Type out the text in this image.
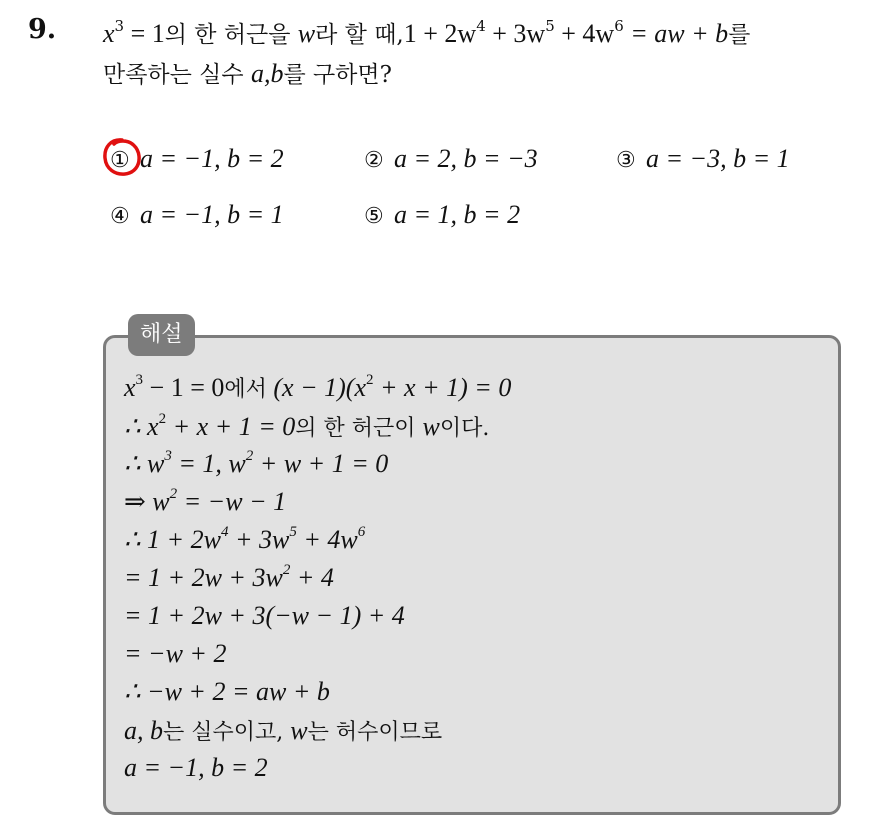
9. $x^3 = 1$의 한 허근을 w라 할 때$,1 + 2w^4 + 3w^5 + 4w^6$ = aw + b를
만족하는 실수 a,b를 구하면?
① a = −1, b = 2	② a = 2, b = −3	③ a = −3, b = 1
④ a = −1, b = 1	⑤ a = 1, b = 2
해설
$x^3 - 1 = 0$에서 $(x - 1)(x^2 + x + 1) = 0$
∴ $x^2 + x + 1 = 0$의 한 허근이 w이다.
∴ $w^3 = 1$, $w^2 + w + 1 = 0$
⇒ $w^2 = -w - 1$
∴ $1 + 2w^4 + 3w^5 + 4w^6$
= $1 + 2w + 3w^2 + 4$
= 1 + 2w + 3(−w − 1) + 4
= −w + 2
∴ −w + 2 = aw + b
a, b는 실수이고, w는 허수이므로
a = −1, b = 2
